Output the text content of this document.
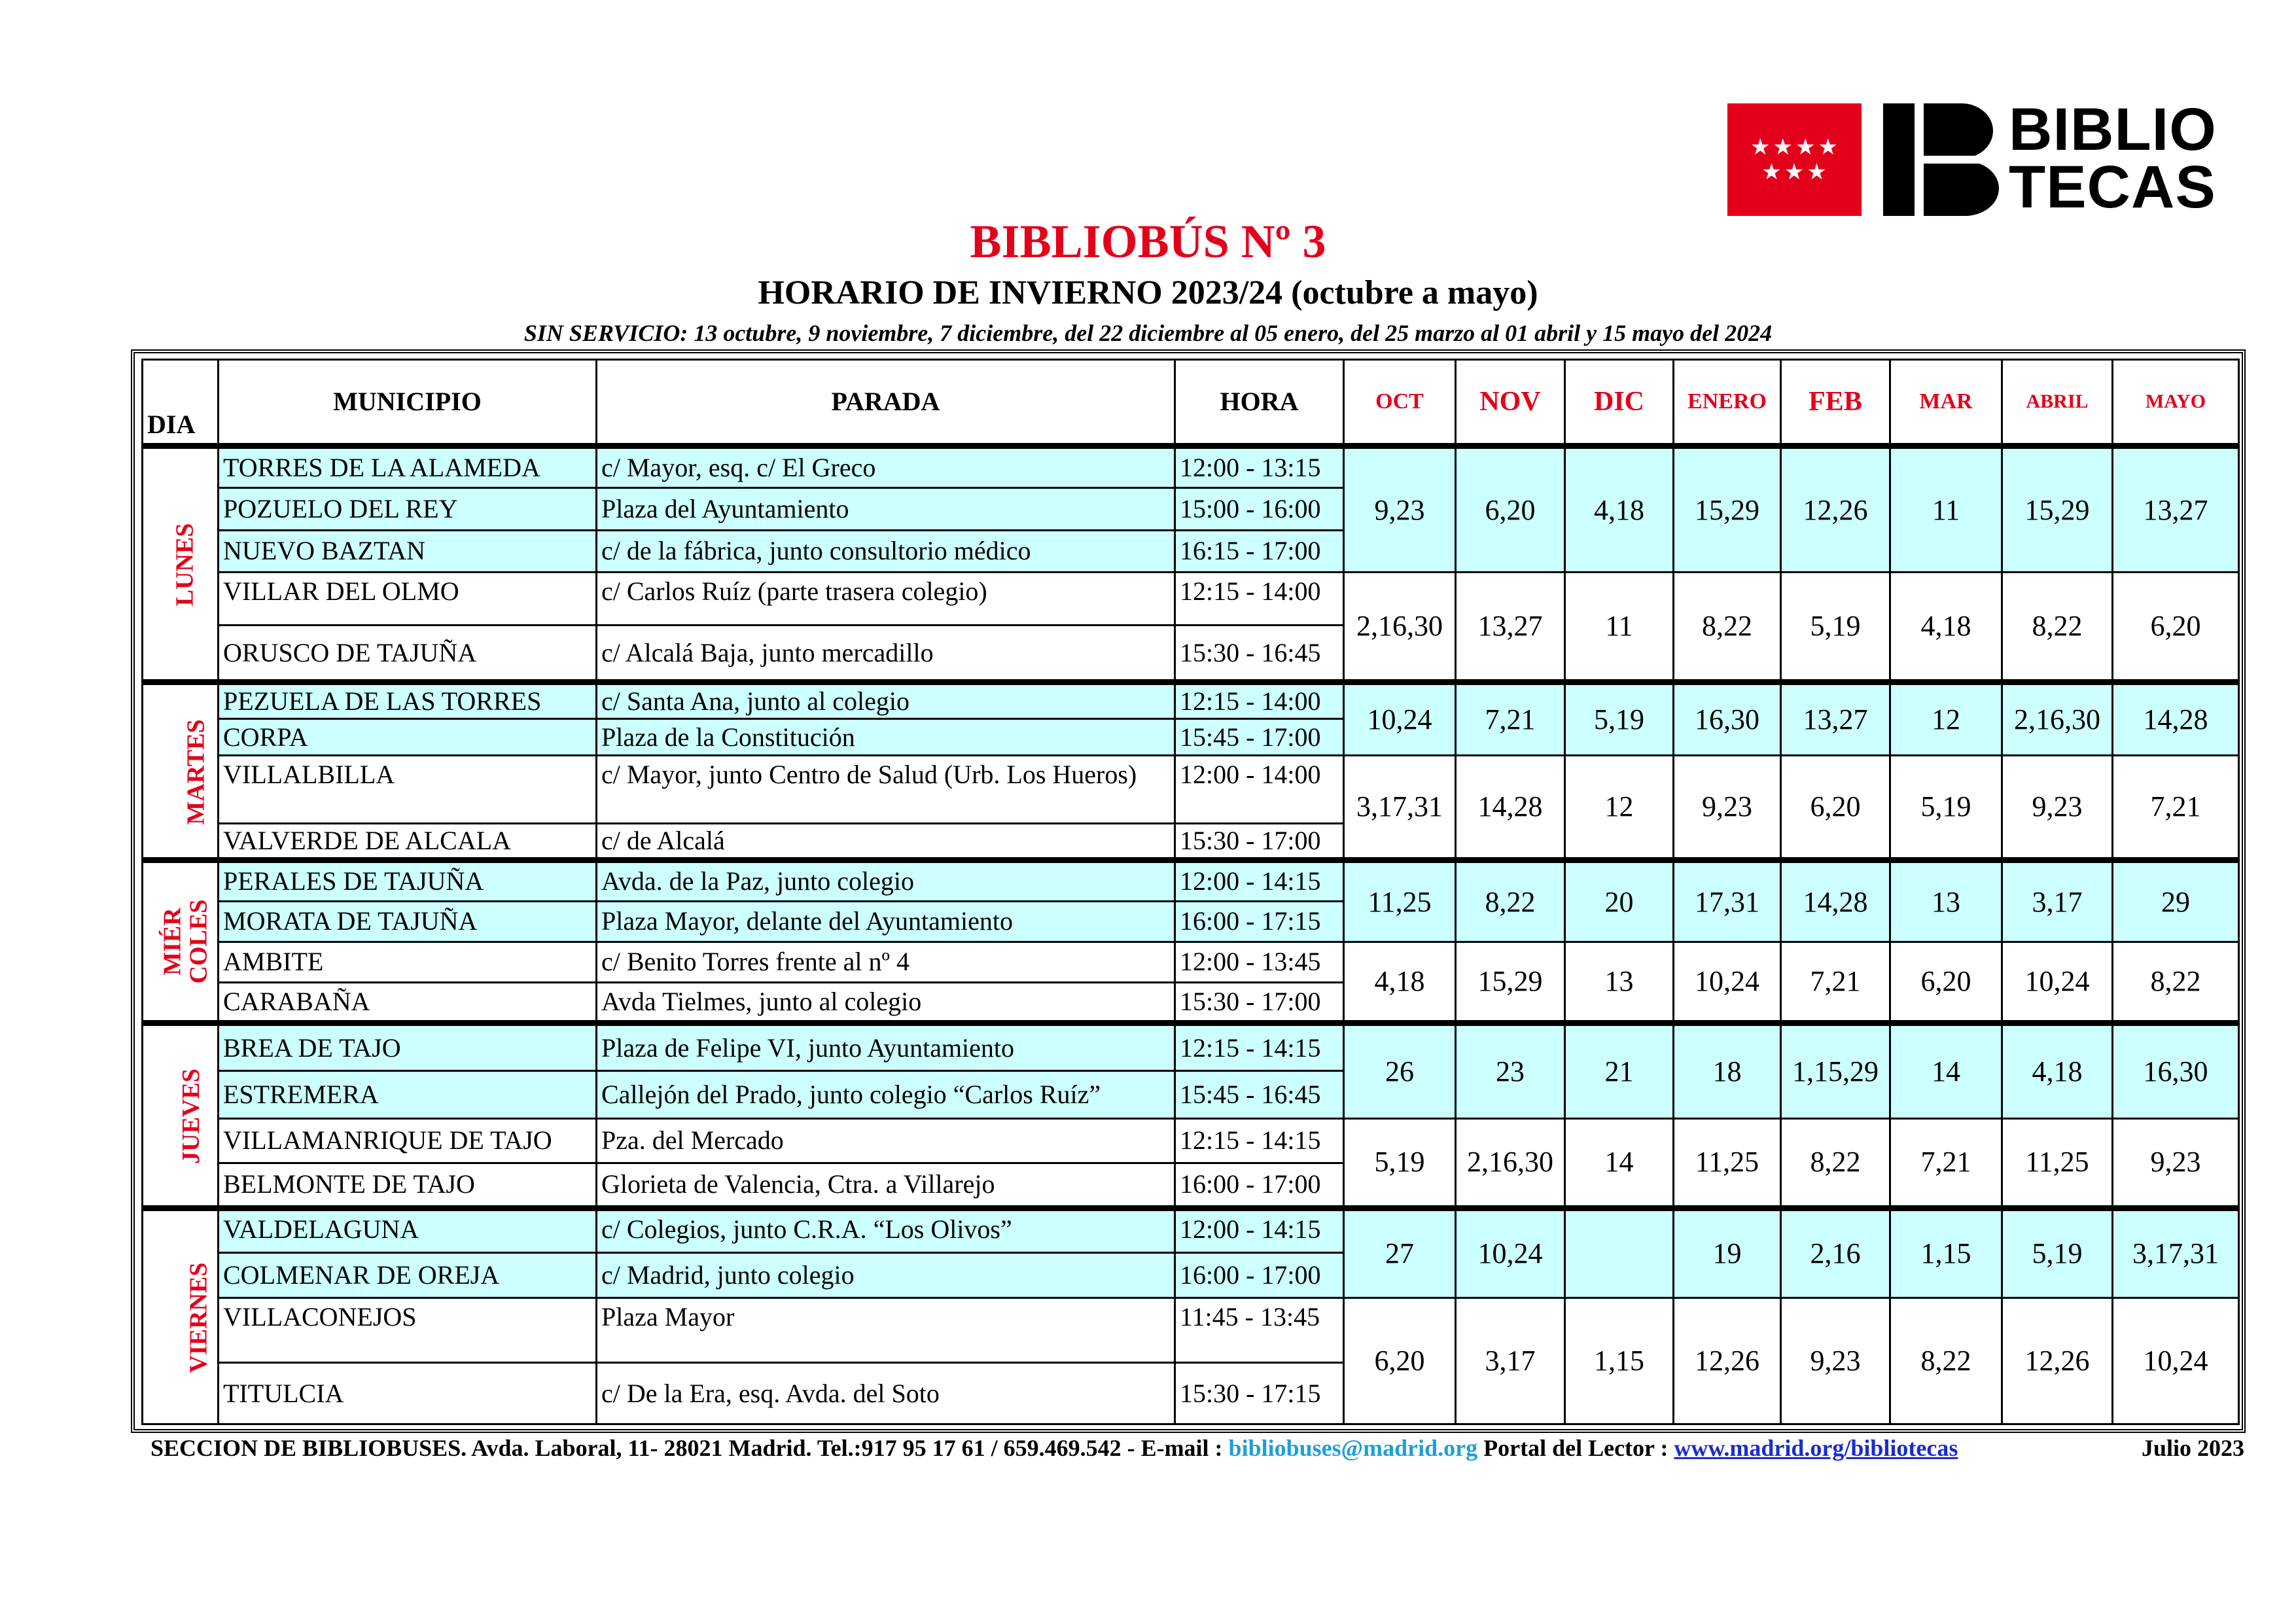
★★★★
★★★
BIBLIO
TECAS
BIBLIOBÚS Nº 3
HORARIO DE INVIERNO 2023/24 (octubre a mayo)
SIN SERVICIO: 13 octubre, 9 noviembre, 7 diciembre, del 22 diciembre al 05 enero, del 25 marzo al 01 abril y 15 mayo del 2024
DIA	MUNICIPIO	PARADA	HORA	OCT	NOV	DIC	ENERO	FEB	MAR	ABRIL	MAYO
LUNES	TORRES DE LA ALAMEDA	c/ Mayor, esq. c/ El Greco	12:00 - 13:15	9,23	6,20	4,18	15,29	12,26	11	15,29	13,27
	POZUELO DEL REY	Plaza del Ayuntamiento	15:00 - 16:00								
	NUEVO BAZTAN	c/ de la fábrica, junto consultorio médico	16:15 - 17:00								
	VILLAR DEL OLMO	c/ Carlos Ruíz (parte trasera colegio)	12:15 - 14:00	2,16,30	13,27	11	8,22	5,19	4,18	8,22	6,20
	ORUSCO DE TAJUÑA	c/ Alcalá Baja, junto mercadillo	15:30 - 16:45								
MARTES	PEZUELA DE LAS TORRES	c/ Santa Ana, junto al colegio	12:15 - 14:00	10,24	7,21	5,19	16,30	13,27	12	2,16,30	14,28
	CORPA	Plaza de la Constitución	15:45 - 17:00								
	VILLALBILLA	c/ Mayor, junto Centro de Salud (Urb. Los Hueros)	12:00 - 14:00	3,17,31	14,28	12	9,23	6,20	5,19	9,23	7,21
	VALVERDE DE ALCALA	c/ de Alcalá	15:30 - 17:00								
MIÉR
COLES	PERALES DE TAJUÑA	Avda. de la Paz, junto colegio	12:00 - 14:15	11,25	8,22	20	17,31	14,28	13	3,17	29
	MORATA DE TAJUÑA	Plaza Mayor, delante del Ayuntamiento	16:00 - 17:15								
	AMBITE	c/ Benito Torres frente al nº 4	12:00 - 13:45	4,18	15,29	13	10,24	7,21	6,20	10,24	8,22
	CARABAÑA	Avda Tielmes, junto al colegio	15:30 - 17:00								
JUEVES	BREA DE TAJO	Plaza de Felipe VI, junto Ayuntamiento	12:15 - 14:15	26	23	21	18	1,15,29	14	4,18	16,30
	ESTREMERA	Callejón del Prado, junto colegio “Carlos Ruíz”	15:45 - 16:45								
	VILLAMANRIQUE DE TAJO	Pza. del Mercado	12:15 - 14:15	5,19	2,16,30	14	11,25	8,22	7,21	11,25	9,23
	BELMONTE DE TAJO	Glorieta de Valencia, Ctra. a Villarejo	16:00 - 17:00								
VIERNES	VALDELAGUNA	c/ Colegios, junto C.R.A. “Los Olivos”	12:00 - 14:15	27	10,24		19	2,16	1,15	5,19	3,17,31
	COLMENAR DE OREJA	c/ Madrid, junto colegio	16:00 - 17:00								
	VILLACONEJOS	Plaza Mayor	11:45 - 13:45	6,20	3,17	1,15	12,26	9,23	8,22	12,26	10,24
	TITULCIA	c/ De la Era, esq. Avda. del Soto	15:30 - 17:15								
SECCION DE BIBLIOBUSES. Avda. Laboral, 11- 28021 Madrid. Tel.:917 95 17 61 / 659.469.542 - E-mail : bibliobuses@madrid.org Portal del Lector : www.madrid.org/bibliotecas	Julio 2023
